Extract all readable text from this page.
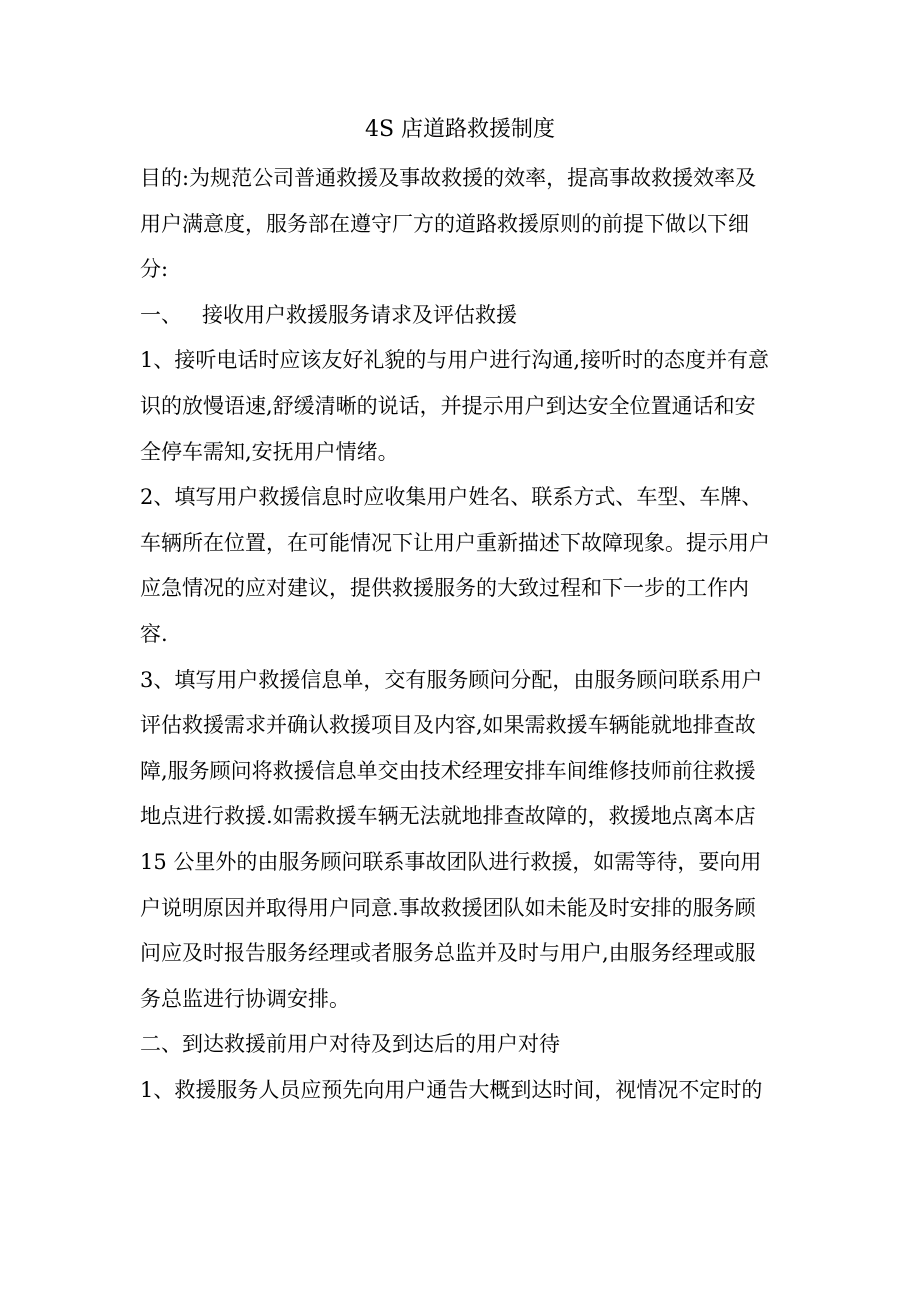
4S 店道路救援制度
目的:为规范公司普通救援及事故救援的效率，提高事故救援效率及
用户满意度，服务部在遵守厂方的道路救援原则的前提下做以下细
分:
一、   接收用户救援服务请求及评估救援
1、接听电话时应该友好礼貌的与用户进行沟通,接听时的态度并有意
识的放慢语速,舒缓清晰的说话，并提示用户到达安全位置通话和安
全停车需知,安抚用户情绪。
2、填写用户救援信息时应收集用户姓名、联系方式、车型、车牌、
车辆所在位置，在可能情况下让用户重新描述下故障现象。提示用户
应急情况的应对建议，提供救援服务的大致过程和下一步的工作内
容.
3、填写用户救援信息单，交有服务顾问分配，由服务顾问联系用户
评估救援需求并确认救援项目及内容,如果需救援车辆能就地排查故
障,服务顾问将救援信息单交由技术经理安排车间维修技师前往救援
地点进行救援.如需救援车辆无法就地排查故障的，救援地点离本店
15 公里外的由服务顾问联系事故团队进行救援，如需等待，要向用
户说明原因并取得用户同意.事故救援团队如未能及时安排的服务顾
问应及时报告服务经理或者服务总监并及时与用户,由服务经理或服
务总监进行协调安排。
二、到达救援前用户对待及到达后的用户对待
1、救援服务人员应预先向用户通告大概到达时间，视情况不定时的
